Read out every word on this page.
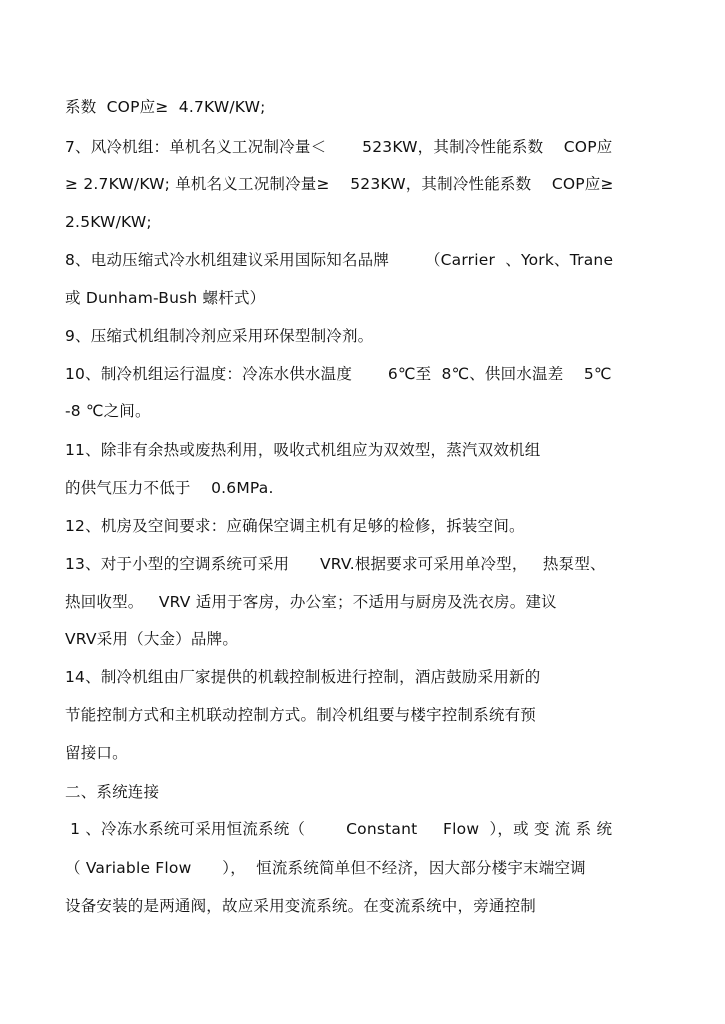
系数  COP应≥  4.7KW/KW;
7、风冷机组：单机名义工况制冷量＜       523KW，其制冷性能系数    COP应
≥ 2.7KW/KW; 单机名义工况制冷量≥    523KW，其制冷性能系数    COP应≥
2.5KW/KW;
8、电动压缩式冷水机组建议采用国际知名品牌       （Carrier  、York、Trane
或 Dunham-Bush 螺杆式）
9、压缩式机组制冷剂应采用环保型制冷剂。
10、制冷机组运行温度：冷冻水供水温度       6℃至  8℃、供回水温差    5℃
-8 ℃之间。
11、除非有余热或废热利用，吸收式机组应为双效型，蒸汽双效机组
的供气压力不低于    0.6MPa.
12、机房及空间要求：应确保空调主机有足够的检修，拆装空间。
13、对于小型的空调系统可采用      VRV.根据要求可采用单冷型，   热泵型、
热回收型。   VRV 适用于客房，办公室；不适用与厨房及洗衣房。建议
VRV采用（大金）品牌。
14、制冷机组由厂家提供的机载控制板进行控制，酒店鼓励采用新的
节能控制方式和主机联动控制方式。制冷机组要与楼宇控制系统有预
留接口。
二、系统连接
1 、冷冻水系统可采用恒流系统（        Constant     Flow  ），或 变 流 系 统
（ Variable Flow      ），  恒流系统简单但不经济，因大部分楼宇末端空调
设备安装的是两通阀，故应采用变流系统。在变流系统中，旁通控制
